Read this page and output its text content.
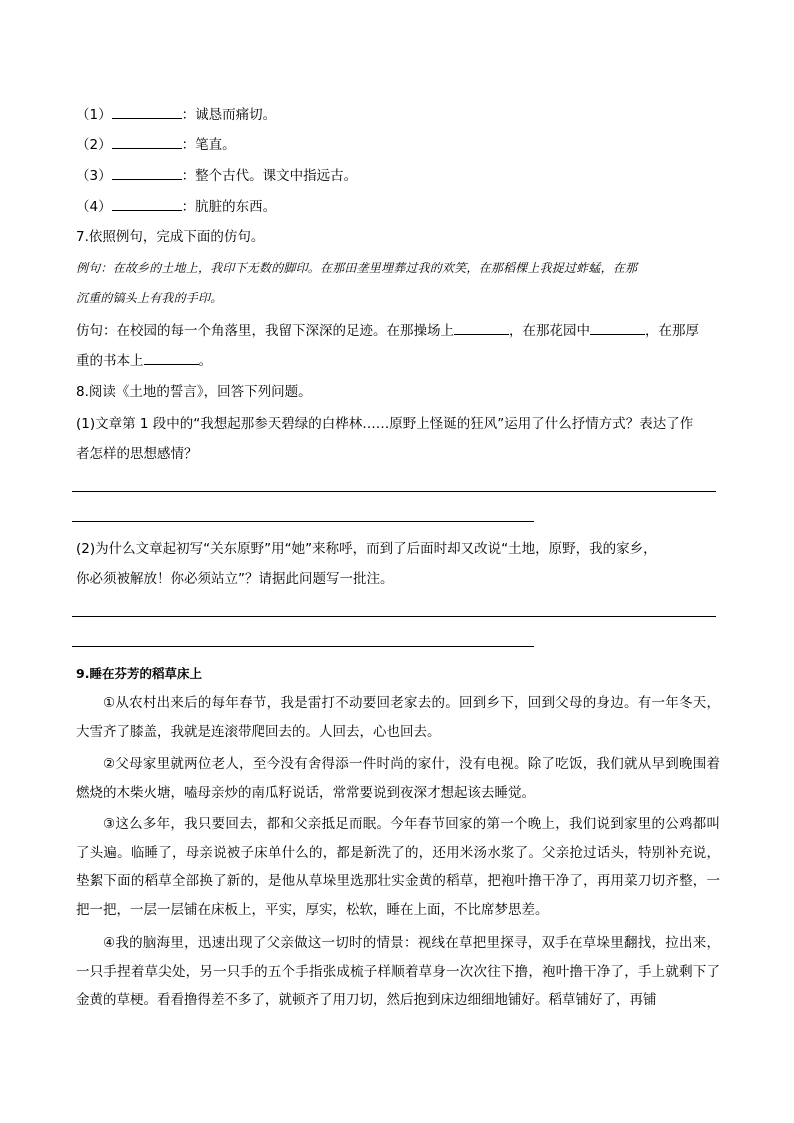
（1）	：诚恳而痛切。
（2）	：笔直。
（3）	：整个古代。课文中指远古。
（4）	：肮脏的东西。
7.依照例句，完成下面的仿句。
例句：在故乡的土地上，我印下无数的脚印。在那田垄里埋葬过我的欢笑，在那稻棵上我捉过蚱蜢，在那
沉重的镐头上有我的手印。
仿句：在校园的每一个角落里，我留下深深的足迹。在那操场上	，在那花园中	，在那厚
重的书本上	。
8.阅读《土地的誓言》，回答下列问题。
(1)文章第 1 段中的“我想起那参天碧绿的白桦林……原野上怪诞的狂风”运用了什么抒情方式？表达了作
者怎样的思想感情？
(2)为什么文章起初写“关东原野”用“她”来称呼，而到了后面时却又改说“土地，原野，我的家乡，
你必须被解放！你必须站立”？请据此问题写一批注。
9.睡在芬芳的稻草床上
①从农村出来后的每年春节，我是雷打不动要回老家去的。回到乡下，回到父母的身边。有一年冬天，大雪齐了膝盖，我就是连滚带爬回去的。人回去，心也回去。
②父母家里就两位老人，至今没有舍得添一件时尚的家什，没有电视。除了吃饭，我们就从早到晚围着燃烧的木柴火塘，嗑母亲炒的南瓜籽说话，常常要说到夜深才想起该去睡觉。
③这么多年，我只要回去，都和父亲抵足而眠。今年春节回家的第一个晚上，我们说到家里的公鸡都叫了头遍。临睡了，母亲说被子床单什么的，都是新洗了的，还用米汤水浆了。父亲抢过话头，特别补充说，垫絮下面的稻草全部换了新的，是他从草垛里选那壮实金黄的稻草，把袍叶撸干净了，再用菜刀切齐整，一把一把，一层一层铺在床板上，平实，厚实，松软，睡在上面，不比席梦思差。
④我的脑海里，迅速出现了父亲做这一切时的情景：视线在草把里探寻，双手在草垛里翻找，拉出来，一只手捏着草尖处，另一只手的五个手指张成梳子样顺着草身一次次往下撸，袍叶撸干净了，手上就剩下了金黄的草梗。看看撸得差不多了，就顿齐了用刀切，然后抱到床边细细地铺好。稻草铺好了，再铺
